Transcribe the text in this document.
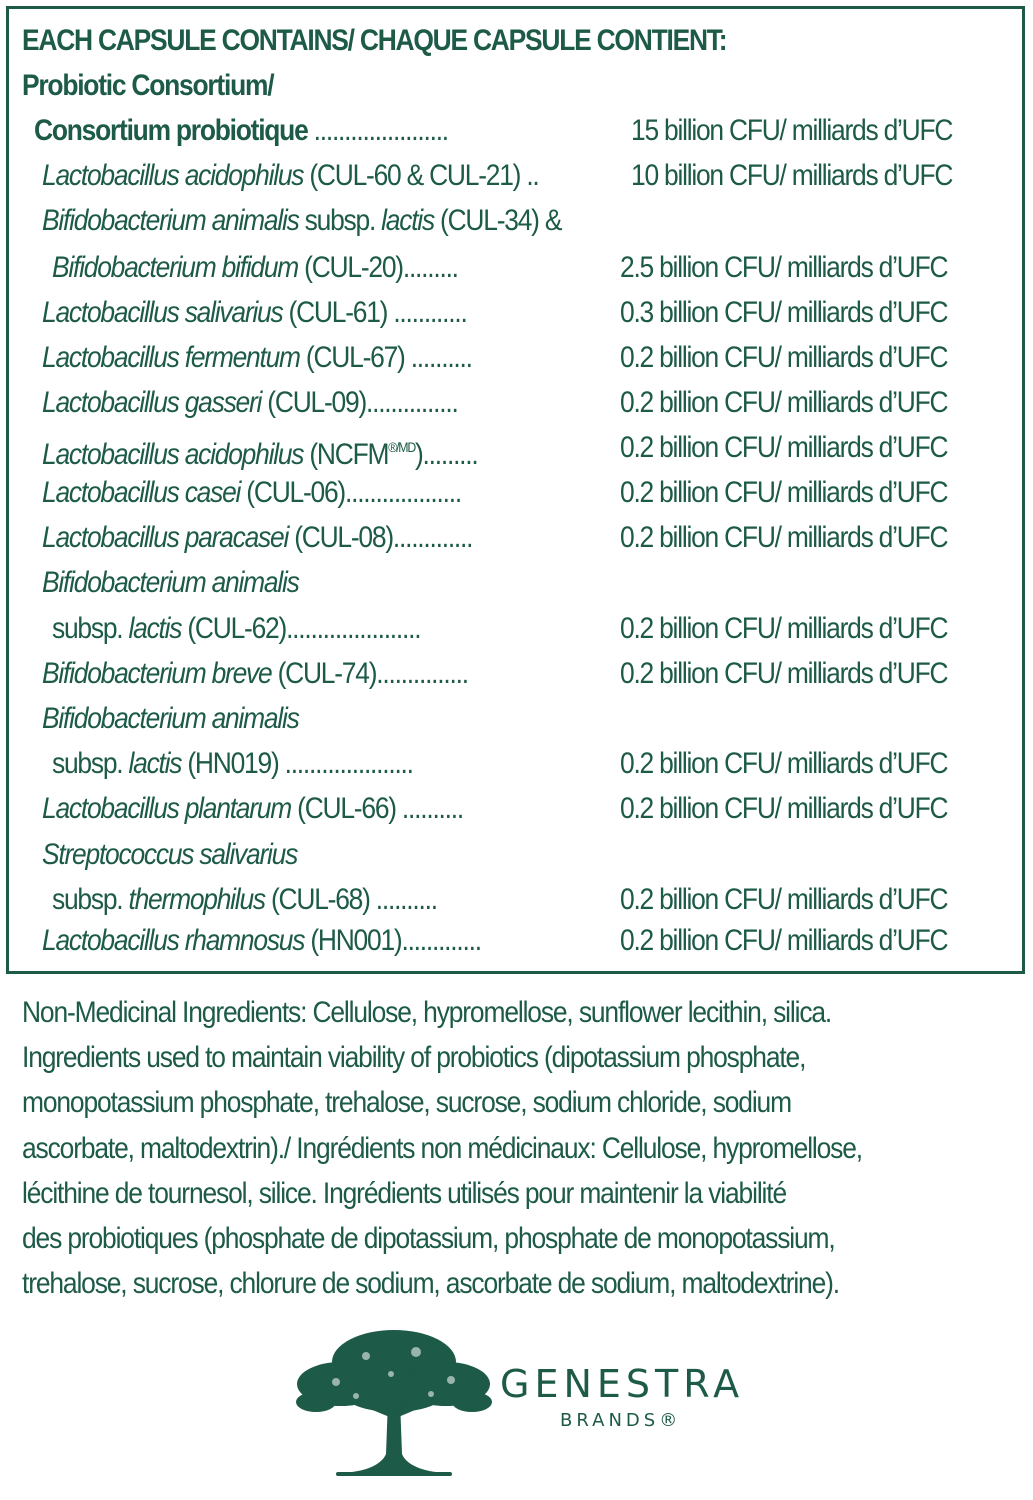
EACH CAPSULE CONTAINS/ CHAQUE CAPSULE CONTIENT:
Probiotic Consortium/
Consortium probiotique ......................	15 billion CFU/ milliards d’UFC
Lactobacillus acidophilus (CUL-60 & CUL-21) ..	10 billion CFU/ milliards d’UFC
Bifidobacterium animalis subsp. lactis (CUL-34) &
Bifidobacterium bifidum (CUL-20).........	2.5 billion CFU/ milliards d’UFC
Lactobacillus salivarius (CUL-61) ............	0.3 billion CFU/ milliards d’UFC
Lactobacillus fermentum (CUL-67) ..........	0.2 billion CFU/ milliards d’UFC
Lactobacillus gasseri (CUL-09)...............	0.2 billion CFU/ milliards d’UFC
Lactobacillus acidophilus $(NCFM^{®/MD})$.........	0.2 billion CFU/ milliards d’UFC
Lactobacillus casei (CUL-06)...................	0.2 billion CFU/ milliards d’UFC
Lactobacillus paracasei (CUL-08).............	0.2 billion CFU/ milliards d’UFC
Bifidobacterium animalis
subsp. lactis (CUL-62)......................	0.2 billion CFU/ milliards d’UFC
Bifidobacterium breve (CUL-74)...............	0.2 billion CFU/ milliards d’UFC
Bifidobacterium animalis
subsp. lactis (HN019) .....................	0.2 billion CFU/ milliards d’UFC
Lactobacillus plantarum (CUL-66) ..........	0.2 billion CFU/ milliards d’UFC
Streptococcus salivarius
subsp. thermophilus (CUL-68) ..........	0.2 billion CFU/ milliards d’UFC
Lactobacillus rhamnosus (HN001).............	0.2 billion CFU/ milliards d’UFC
Non-Medicinal Ingredients: Cellulose, hypromellose, sunflower lecithin, silica.
Ingredients used to maintain viability of probiotics (dipotassium phosphate,
monopotassium phosphate, trehalose, sucrose, sodium chloride, sodium
ascorbate, maltodextrin)./ Ingrédients non médicinaux: Cellulose, hypromellose,
lécithine de tournesol, silice. Ingrédients utilisés pour maintenir la viabilité
des probiotiques (phosphate de dipotassium, phosphate de monopotassium,
trehalose, sucrose, chlorure de sodium, ascorbate de sodium, maltodextrine).
GENESTRA
BRANDS®
